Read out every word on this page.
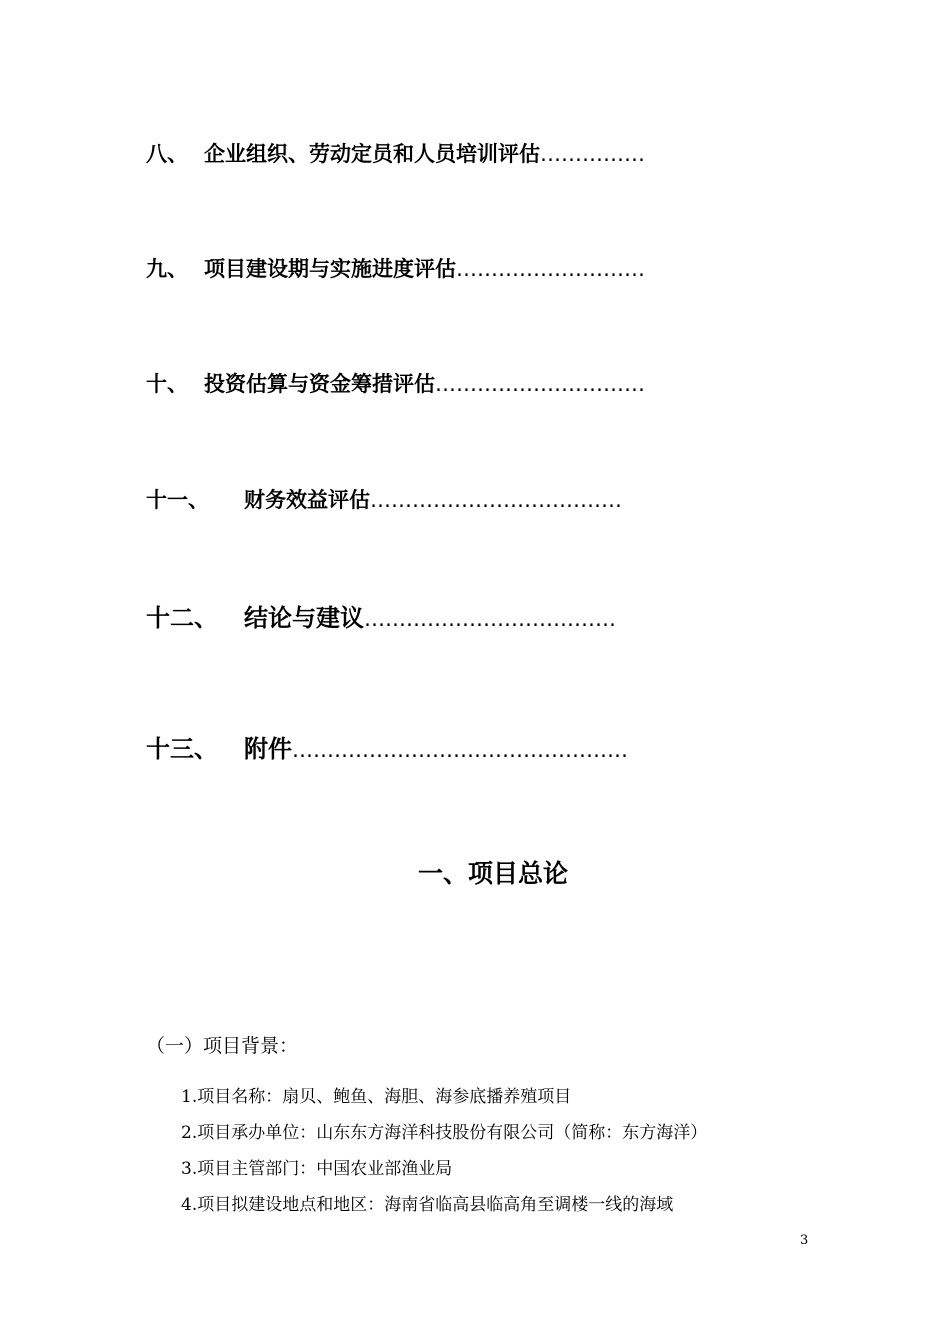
八、 企业组织、劳动定员和人员培训评估……………
九、 项目建设期与实施进度评估………………………
十、 投资估算与资金筹措评估…………………………
十一、 财务效益评估………………………………
十二、 结论与建议………………………………
十三、 附件…………………………………………
一、项目总论
（一）项目背景：
1.项目名称：扇贝、鲍鱼、海胆、海参底播养殖项目
2.项目承办单位：山东东方海洋科技股份有限公司（简称：东方海洋）
3.项目主管部门：中国农业部渔业局
4.项目拟建设地点和地区：海南省临高县临高角至调楼一线的海域
3
